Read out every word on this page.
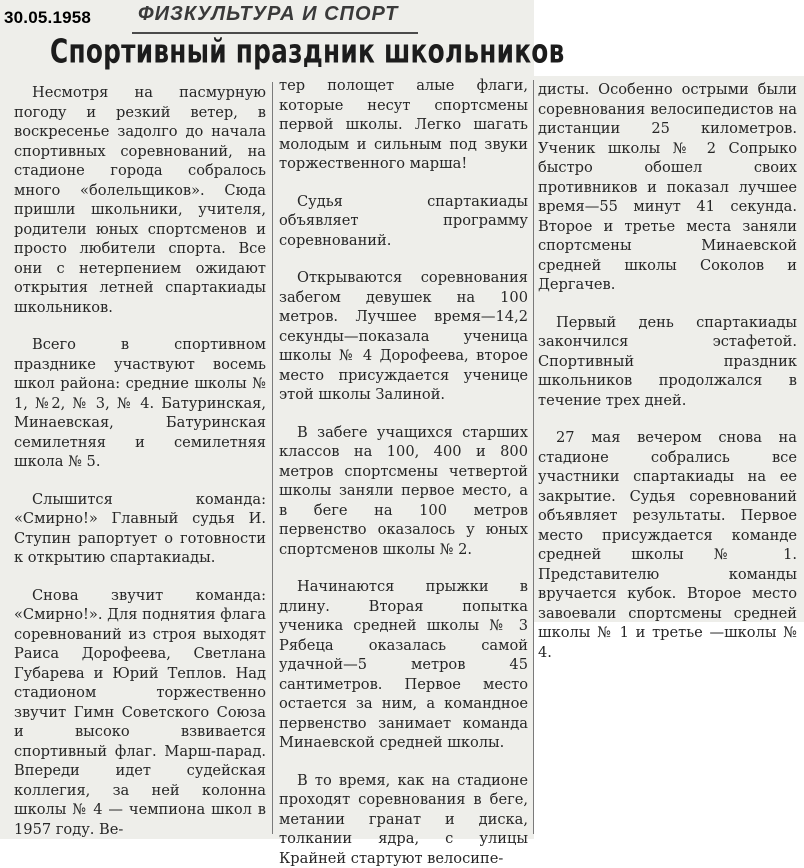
30.05.1958 ФИЗКУЛЬТУРА И СПОРТ
Спортивный праздник школьников

Несмотря на пасмурную погоду и резкий ветер, в воскресенье задолго до начала спортивных соревнований, на стадионе города собралось много «болельщиков». Сюда пришли школьники, учителя, родители юных спортсменов и просто любители спорта. Все они с нетерпением ожидают открытия летней спартакиады школьников.

Всего в спортивном празднике участвуют восемь школ района: средние школы № 1, №2, № 3, № 4. Батуринская, Минаевская, Батуринская семилетняя и семилетняя школа № 5.

Слышится команда: «Смирно!» Главный судья И. Ступин рапортует о готовности к открытию спартакиады.

Снова звучит команда: «Смирно!». Для поднятия флага соревнований из строя выходят Раиса Дорофеева, Светлана Губарева и Юрий Теплов. Над стадионом торжественно звучит Гимн Советского Союза и высоко взвивается спортивный флаг. Марш-парад. Впереди идет судейская коллегия, за ней колонна школы № 4 — чемпиона школ в 1957 году. Ве-

тер полощет алые флаги, которые несут спортсмены первой школы. Легко шагать молодым и сильным под звуки торжественного марша!

Судья спартакиады объявляет программу соревнований.

Открываются соревнования забегом девушек на 100 метров. Лучшее время—14,2 секунды—показала ученица школы № 4 Дорофеева, второе место присуждается ученице этой школы Залиной.

В забеге учащихся старших классов на 100, 400 и 800 метров спортсмены четвертой школы заняли первое место, а в беге на 100 метров первенство оказалось у юных спортсменов школы № 2.

Начинаются прыжки в длину. Вторая попытка ученика средней школы № 3 Рябеца оказалась самой удачной—5 метров 45 сантиметров. Первое место остается за ним, а командное первенство занимает команда Минаевской средней школы.

В то время, как на стадионе проходят соревнования в беге, метании гранат и диска, толкании ядра, с улицы Крайней стартуют велосипе-

дисты. Особенно острыми были соревнования велосипедистов на дистанции 25 километров. Ученик школы № 2 Сопрыко быстро обошел своих противников и показал лучшее время—55 минут 41 секунда. Второе и третье места заняли спортсмены Минаевской средней школы Соколов и Дергачев.

Первый день спартакиады закончился эстафетой. Спортивный праздник школьников продолжался в течение трех дней.

27 мая вечером снова на стадионе собрались все участники спартакиады на ее закрытие. Судья соревнований объявляет результаты. Первое место присуждается команде средней школы № 1. Представителю команды вручается кубок. Второе место завоевали спортсмены средней школы № 1 и третье —школы № 4.
